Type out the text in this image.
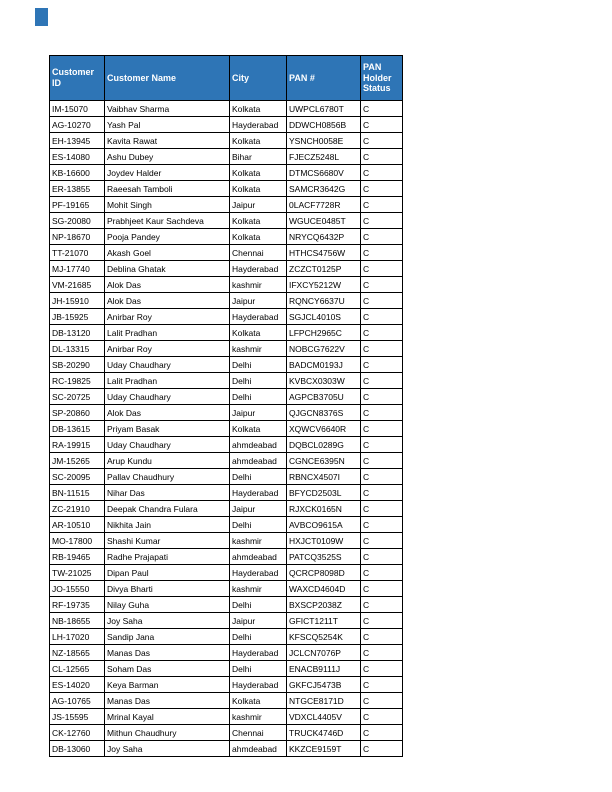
Customer ID	Customer Name	City	PAN #	PAN Holder Status
IM-15070	Vaibhav Sharma	Kolkata	UWPCL6780T	C
AG-10270	Yash Pal	Hayderabad	DDWCH0856B	C
EH-13945	Kavita Rawat	Kolkata	YSNCH0058E	C
ES-14080	Ashu Dubey	Bihar	FJECZ5248L	C
KB-16600	Joydev Halder	Kolkata	DTMCS6680V	C
ER-13855	Raeesah Tamboli	Kolkata	SAMCR3642G	C
PF-19165	Mohit Singh	Jaipur	0LACF7728R	C
SG-20080	Prabhjeet Kaur Sachdeva	Kolkata	WGUCE0485T	C
NP-18670	Pooja Pandey	Kolkata	NRYCQ6432P	C
TT-21070	Akash Goel	Chennai	HTHCS4756W	C
MJ-17740	Deblina Ghatak	Hayderabad	ZCZCT0125P	C
VM-21685	Alok Das	kashmir	IFXCY5212W	C
JH-15910	Alok Das	Jaipur	RQNCY6637U	C
JB-15925	Anirbar Roy	Hayderabad	SGJCL4010S	C
DB-13120	Lalit Pradhan	Kolkata	LFPCH2965C	C
DL-13315	Anirbar Roy	kashmir	NOBCG7622V	C
SB-20290	Uday Chaudhary	Delhi	BADCM0193J	C
RC-19825	Lalit Pradhan	Delhi	KVBCX0303W	C
SC-20725	Uday Chaudhary	Delhi	AGPCB3705U	C
SP-20860	Alok Das	Jaipur	QJGCN8376S	C
DB-13615	Priyam Basak	Kolkata	XQWCV6640R	C
RA-19915	Uday Chaudhary	ahmdeabad	DQBCL0289G	C
JM-15265	Arup Kundu	ahmdeabad	CGNCE6395N	C
SC-20095	Pallav Chaudhury	Delhi	RBNCX4507I	C
BN-11515	Nihar Das	Hayderabad	BFYCD2503L	C
ZC-21910	Deepak Chandra Fulara	Jaipur	RJXCK0165N	C
AR-10510	Nikhita Jain	Delhi	AVBCO9615A	C
MO-17800	Shashi Kumar	kashmir	HXJCT0109W	C
RB-19465	Radhe Prajapati	ahmdeabad	PATCQ3525S	C
TW-21025	Dipan Paul	Hayderabad	QCRCP8098D	C
JO-15550	Divya Bharti	kashmir	WAXCD4604D	C
RF-19735	Nilay Guha	Delhi	BXSCP2038Z	C
NB-18655	Joy Saha	Jaipur	GFICT1211T	C
LH-17020	Sandip Jana	Delhi	KFSCQ5254K	C
NZ-18565	Manas Das	Hayderabad	JCLCN7076P	C
CL-12565	Soham Das	Delhi	ENACB9111J	C
ES-14020	Keya Barman	Hayderabad	GKFCJ5473B	C
AG-10765	Manas Das	Kolkata	NTGCE8171D	C
JS-15595	Mrinal Kayal	kashmir	VDXCL4405V	C
CK-12760	Mithun Chaudhury	Chennai	TRUCK4746D	C
DB-13060	Joy Saha	ahmdeabad	KKZCE9159T	C
